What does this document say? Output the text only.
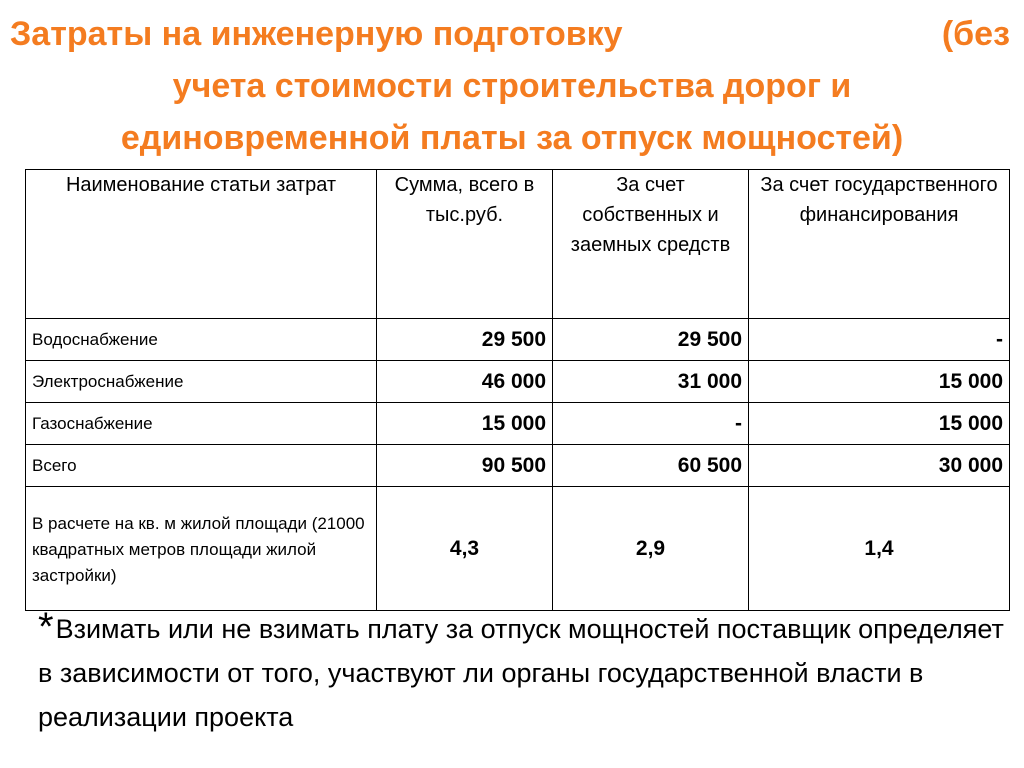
Затраты на инженерную подготовку	(без
учета стоимости строительства дорог и
единовременной платы за отпуск мощностей)
Наименование статьи затрат	Сумма, всего в тыс.руб.	За счет собственных и заемных средств	За счет государственного финансирования
Водоснабжение	29 500	29 500	-
Электроснабжение	46 000	31 000	15 000
Газоснабжение	15 000	-	15 000
Всего	90 500	60 500	30 000
В расчете на кв. м жилой площади (21000 квадратных метров площади жилой застройки)	4,3	2,9	1,4

*Взимать или не взимать плату за отпуск мощностей поставщик определяет в зависимости от того, участвуют ли органы государственной власти в реализации проекта
